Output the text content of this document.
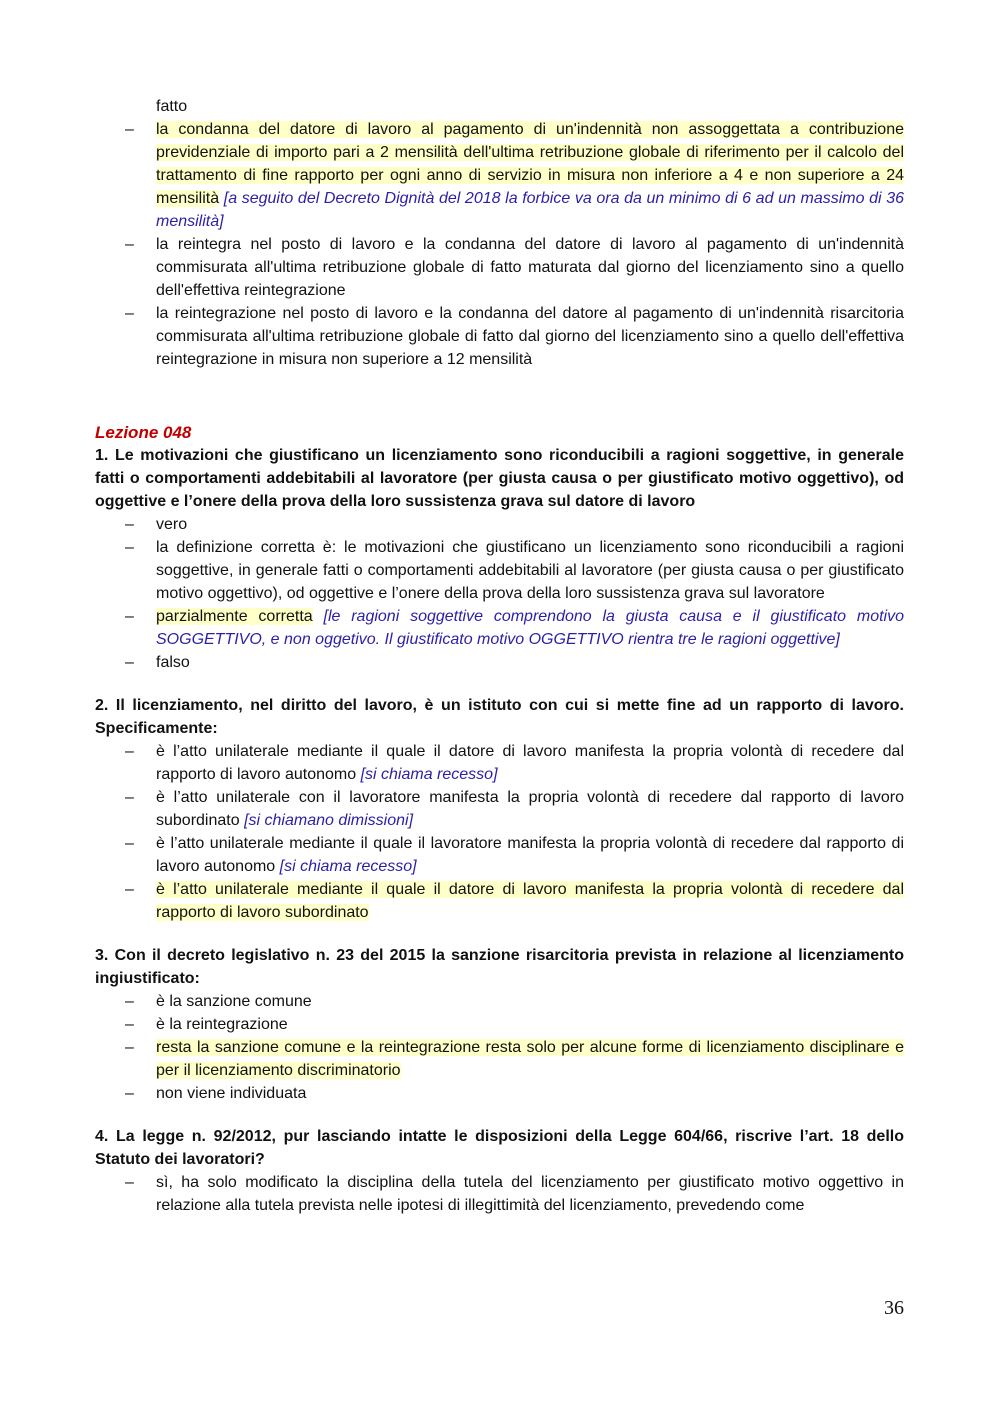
fatto
– la condanna del datore di lavoro al pagamento di un'indennità non assoggettata a contribuzione previdenziale di importo pari a 2 mensilità dell'ultima retribuzione globale di riferimento per il calcolo del trattamento di fine rapporto per ogni anno di servizio in misura non inferiore a 4 e non superiore a 24 mensilità [a seguito del Decreto Dignità del 2018 la forbice va ora da un minimo di 6 ad un massimo di 36 mensilità]
– la reintegra nel posto di lavoro e la condanna del datore di lavoro al pagamento di un'indennità commisurata all'ultima retribuzione globale di fatto maturata dal giorno del licenziamento sino a quello dell'effettiva reintegrazione
– la reintegrazione nel posto di lavoro e la condanna del datore al pagamento di un'indennità risarcitoria commisurata all'ultima retribuzione globale di fatto dal giorno del licenziamento sino a quello dell'effettiva reintegrazione in misura non superiore a 12 mensilità
Lezione 048
1. Le motivazioni che giustificano un licenziamento sono riconducibili a ragioni soggettive, in generale fatti o comportamenti addebitabili al lavoratore (per giusta causa o per giustificato motivo oggettivo), od oggettive e l’onere della prova della loro sussistenza grava sul datore di lavoro
– vero
– la definizione corretta è: le motivazioni che giustificano un licenziamento sono riconducibili a ragioni soggettive, in generale fatti o comportamenti addebitabili al lavoratore (per giusta causa o per giustificato motivo oggettivo), od oggettive e l’onere della prova della loro sussistenza grava sul lavoratore
– parzialmente corretta [le ragioni soggettive comprendono la giusta causa e il giustificato motivo SOGGETTIVO, e non oggetivo. Il giustificato motivo OGGETTIVO rientra tre le ragioni oggettive]
– falso
2. Il licenziamento, nel diritto del lavoro, è un istituto con cui si mette fine ad un rapporto di lavoro. Specificamente:
– è l’atto unilaterale mediante il quale il datore di lavoro manifesta la propria volontà di recedere dal rapporto di lavoro autonomo [si chiama recesso]
– è l’atto unilaterale con il lavoratore manifesta la propria volontà di recedere dal rapporto di lavoro subordinato [si chiamano dimissioni]
– è l’atto unilaterale mediante il quale il lavoratore manifesta la propria volontà di recedere dal rapporto di lavoro autonomo [si chiama recesso]
– è l’atto unilaterale mediante il quale il datore di lavoro manifesta la propria volontà di recedere dal rapporto di lavoro subordinato
3. Con il decreto legislativo n. 23 del 2015 la sanzione risarcitoria prevista in relazione al licenziamento ingiustificato:
– è la sanzione comune
– è la reintegrazione
– resta la sanzione comune e la reintegrazione resta solo per alcune forme di licenziamento disciplinare e per il licenziamento discriminatorio
– non viene individuata
4. La legge n. 92/2012, pur lasciando intatte le disposizioni della Legge 604/66, riscrive l’art. 18 dello Statuto dei lavoratori?
– sì, ha solo modificato la disciplina della tutela del licenziamento per giustificato motivo oggettivo in relazione alla tutela prevista nelle ipotesi di illegittimità del licenziamento, prevedendo come
36
